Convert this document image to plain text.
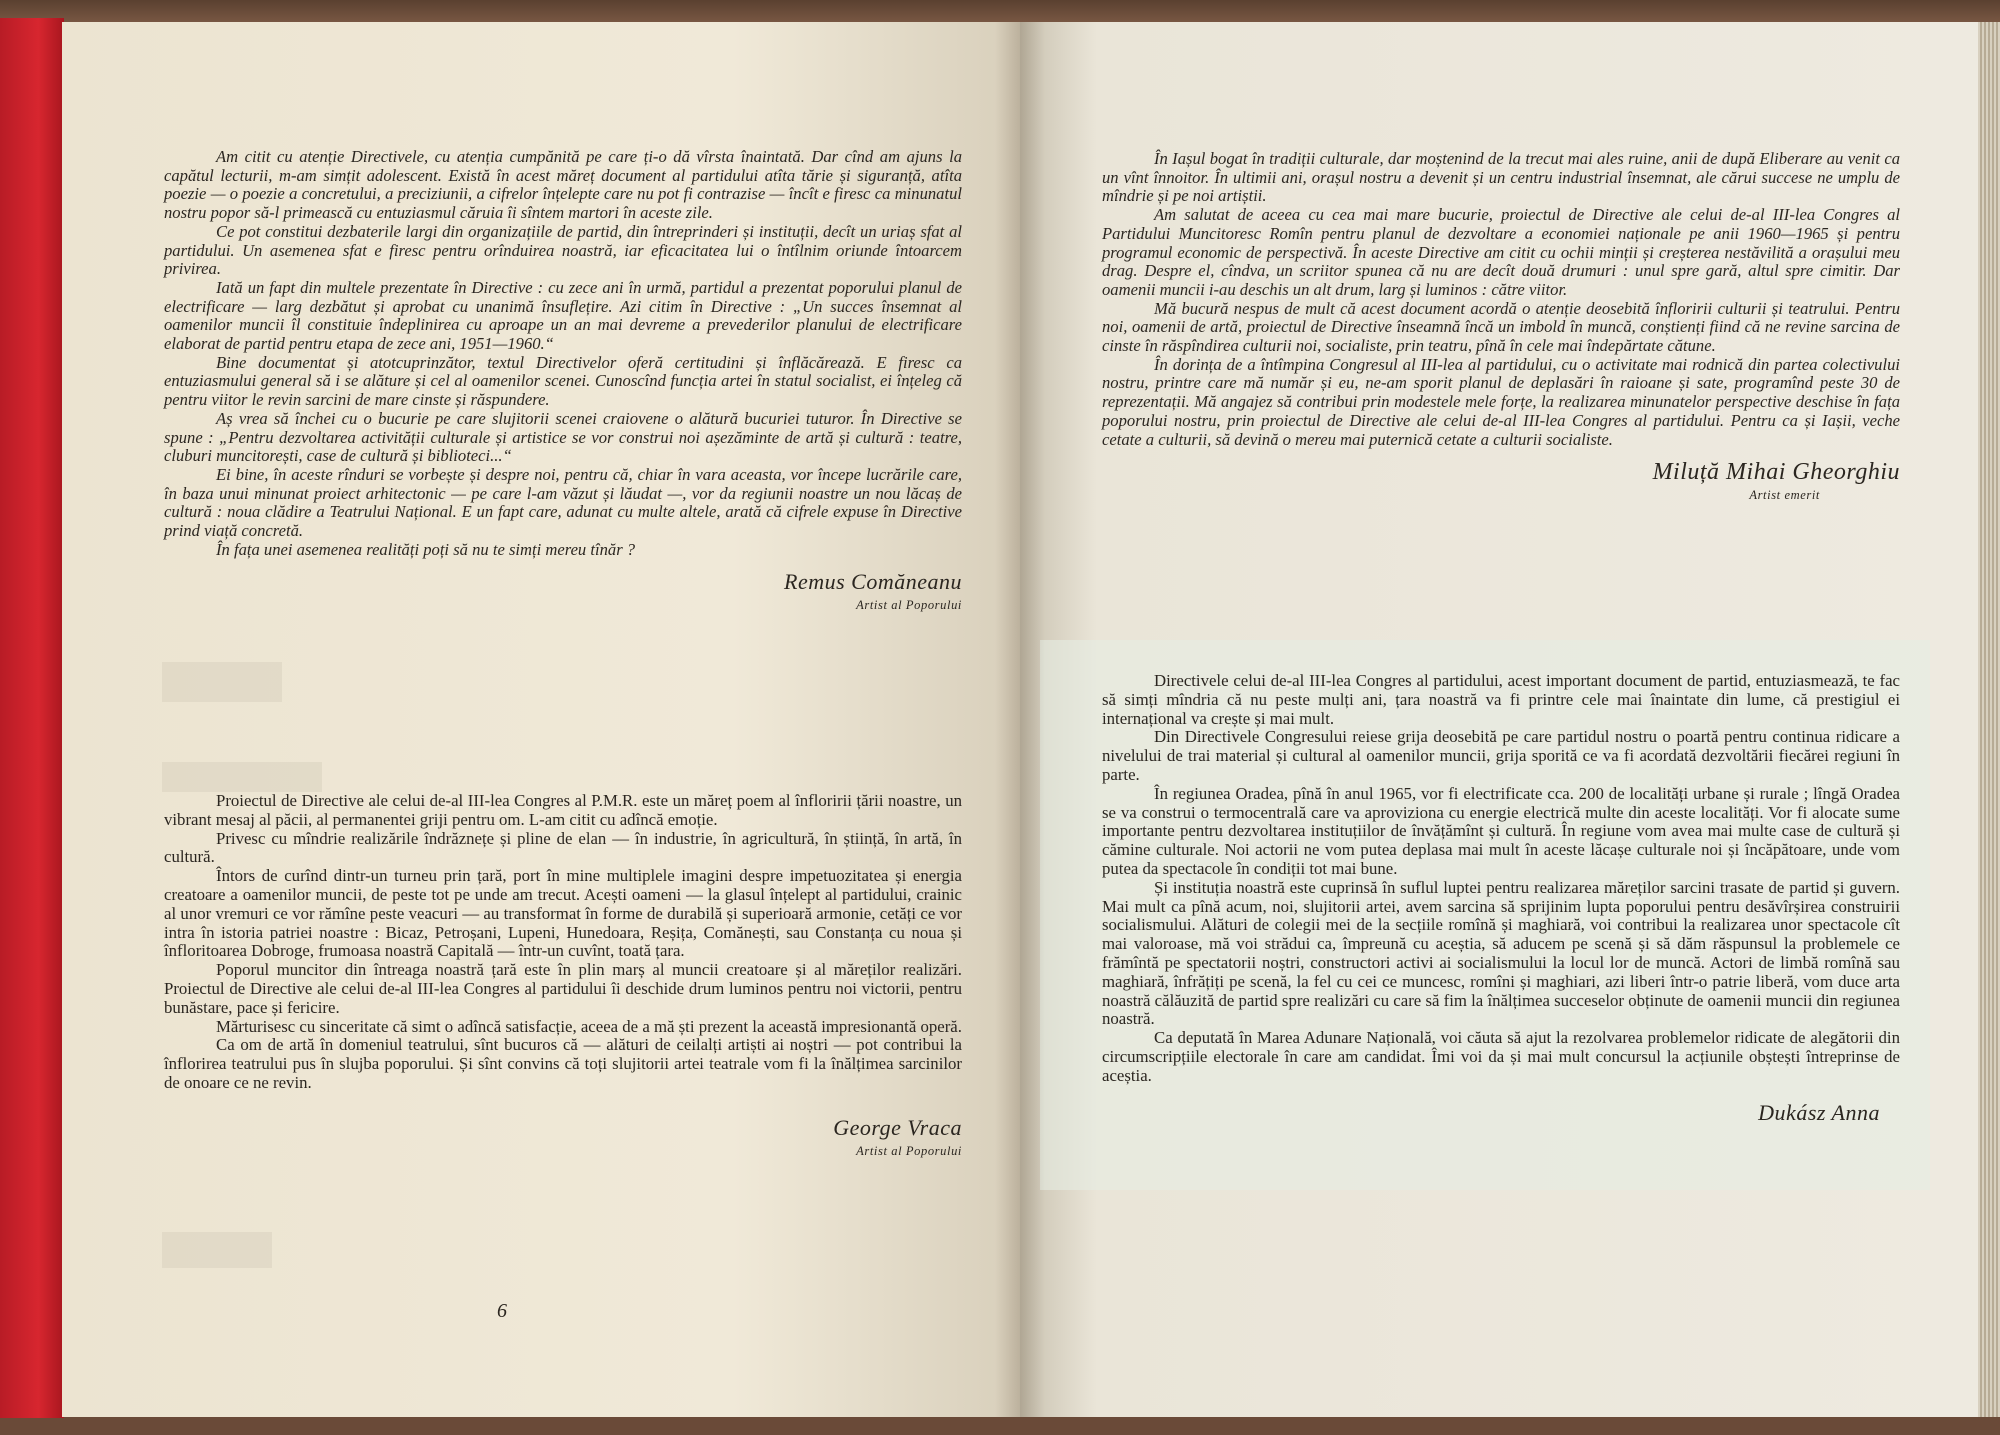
Am citit cu atenție Directivele, cu atenția cumpănită pe care ți-o dă vîrsta înaintată. Dar cînd am ajuns la capătul lecturii, m-am simțit adolescent. Există în acest măreț document al partidului atîta tărie și siguranță, atîta poezie — o poezie a concretului, a preciziunii, a cifrelor înțelepte care nu pot fi contrazise — încît e firesc ca minunatul nostru popor să-l primească cu entuziasmul căruia îi sîntem martori în aceste zile.

Ce pot constitui dezbaterile largi din organizațiile de partid, din întreprinderi și instituții, decît un uriaș sfat al partidului. Un asemenea sfat e firesc pentru orînduirea noastră, iar eficacitatea lui o întîlnim oriunde întoarcem privirea.

Iată un fapt din multele prezentate în Directive : cu zece ani în urmă, partidul a prezentat poporului planul de electrificare — larg dezbătut și aprobat cu unanimă însuflețire. Azi citim în Directive : „Un succes însemnat al oamenilor muncii îl constituie îndeplinirea cu aproape un an mai devreme a prevederilor planului de electrificare elaborat de partid pentru etapa de zece ani, 1951—1960.“

Bine documentat și atotcuprinzător, textul Directivelor oferă certitudini și înflăcărează. E firesc ca entuziasmului general să i se alăture și cel al oamenilor scenei. Cunoscînd funcția artei în statul socialist, ei înțeleg că pentru viitor le revin sarcini de mare cinste și răspundere.

Aș vrea să închei cu o bucurie pe care slujitorii scenei craiovene o alătură bucuriei tuturor. În Directive se spune : „Pentru dezvoltarea activității culturale și artistice se vor construi noi așezăminte de artă și cultură : teatre, cluburi muncitorești, case de cultură și biblioteci...“

Ei bine, în aceste rînduri se vorbește și despre noi, pentru că, chiar în vara aceasta, vor începe lucrările care, în baza unui minunat proiect arhitectonic — pe care l-am văzut și lăudat —, vor da regiunii noastre un nou lăcaș de cultură : noua clădire a Teatrului Național. E un fapt care, adunat cu multe altele, arată că cifrele expuse în Directive prind viață concretă.

În fața unei asemenea realități poți să nu te simți mereu tînăr ?

Remus Comăneanu
Artist al Poporului

Proiectul de Directive ale celui de-al III-lea Congres al P.M.R. este un măreț poem al înfloririi țării noastre, un vibrant mesaj al păcii, al permanentei griji pentru om. L-am citit cu adîncă emoție.

Privesc cu mîndrie realizările îndrăznețe și pline de elan — în industrie, în agricultură, în știință, în artă, în cultură.

Întors de curînd dintr-un turneu prin țară, port în mine multiplele imagini despre impetuozitatea și energia creatoare a oamenilor muncii, de peste tot pe unde am trecut. Acești oameni — la glasul înțelept al partidului, crainic al unor vremuri ce vor rămîne peste veacuri — au transformat în forme de durabilă și superioară armonie, cetăți ce vor intra în istoria patriei noastre : Bicaz, Petroșani, Lupeni, Hunedoara, Reșița, Comănești, sau Constanța cu noua și înfloritoarea Dobroge, frumoasa noastră Capitală — într-un cuvînt, toată țara.

Poporul muncitor din întreaga noastră țară este în plin marș al muncii creatoare și al măreților realizări. Proiectul de Directive ale celui de-al III-lea Congres al partidului îi deschide drum luminos pentru noi victorii, pentru bunăstare, pace și fericire.

Mărturisesc cu sinceritate că simt o adîncă satisfacție, aceea de a mă ști prezent la această impresionantă operă.

Ca om de artă în domeniul teatrului, sînt bucuros că — alături de ceilalți artiști ai noștri — pot contribui la înflorirea teatrului pus în slujba poporului. Și sînt convins că toți slujitorii artei teatrale vom fi la înălțimea sarcinilor de onoare ce ne revin.

George Vraca
Artist al Poporului
6

În Iașul bogat în tradiții culturale, dar moștenind de la trecut mai ales ruine, anii de după Eliberare au venit ca un vînt înnoitor. În ultimii ani, orașul nostru a devenit și un centru industrial însemnat, ale cărui succese ne umplu de mîndrie și pe noi artiștii.

Am salutat de aceea cu cea mai mare bucurie, proiectul de Directive ale celui de-al III-lea Congres al Partidului Muncitoresc Romîn pentru planul de dezvoltare a economiei naționale pe anii 1960—1965 și pentru programul economic de perspectivă. În aceste Directive am citit cu ochii minții și creșterea nestăvilită a orașului meu drag. Despre el, cîndva, un scriitor spunea că nu are decît două drumuri : unul spre gară, altul spre cimitir. Dar oamenii muncii i-au deschis un alt drum, larg și luminos : către viitor.

Mă bucură nespus de mult că acest document acordă o atenție deosebită înfloririi culturii și teatrului. Pentru noi, oamenii de artă, proiectul de Directive înseamnă încă un imbold în muncă, conștienți fiind că ne revine sarcina de cinste în răspîndirea culturii noi, socialiste, prin teatru, pînă în cele mai îndepărtate cătune.

În dorința de a întîmpina Congresul al III-lea al partidului, cu o activitate mai rodnică din partea colectivului nostru, printre care mă număr și eu, ne-am sporit planul de deplasări în raioane și sate, programînd peste 30 de reprezentații. Mă angajez să contribui prin modestele mele forțe, la realizarea minunatelor perspective deschise în fața poporului nostru, prin proiectul de Directive ale celui de-al III-lea Congres al partidului. Pentru ca și Iașii, veche cetate a culturii, să devină o mereu mai puternică cetate a culturii socialiste.

Miluță Mihai Gheorghiu
Artist emerit

Directivele celui de-al III-lea Congres al partidului, acest important document de partid, entuziasmează, te fac să simți mîndria că nu peste mulți ani, țara noastră va fi printre cele mai înaintate din lume, că prestigiul ei internațional va crește și mai mult.

Din Directivele Congresului reiese grija deosebită pe care partidul nostru o poartă pentru continua ridicare a nivelului de trai material și cultural al oamenilor muncii, grija sporită ce va fi acordată dezvoltării fiecărei regiuni în parte.

În regiunea Oradea, pînă în anul 1965, vor fi electrificate cca. 200 de localități urbane și rurale ; lîngă Oradea se va construi o termocentrală care va aproviziona cu energie electrică multe din aceste localități. Vor fi alocate sume importante pentru dezvoltarea instituțiilor de învățămînt și cultură. În regiune vom avea mai multe case de cultură și cămine culturale. Noi actorii ne vom putea deplasa mai mult în aceste lăcașe culturale noi și încăpătoare, unde vom putea da spectacole în condiții tot mai bune.

Și instituția noastră este cuprinsă în suflul luptei pentru realizarea măreților sarcini trasate de partid și guvern. Mai mult ca pînă acum, noi, slujitorii artei, avem sarcina să sprijinim lupta poporului pentru desăvîrșirea construirii socialismului. Alături de colegii mei de la secțiile romînă și maghiară, voi contribui la realizarea unor spectacole cît mai valoroase, mă voi strădui ca, împreună cu aceștia, să aducem pe scenă și să dăm răspunsul la problemele ce frămîntă pe spectatorii noștri, constructori activi ai socialismului la locul lor de muncă. Actori de limbă romînă sau maghiară, înfrățiți pe scenă, la fel cu cei ce muncesc, romîni și maghiari, azi liberi într-o patrie liberă, vom duce arta noastră călăuzită de partid spre realizări cu care să fim la înălțimea succeselor obținute de oamenii muncii din regiunea noastră.

Ca deputată în Marea Adunare Națională, voi căuta să ajut la rezolvarea problemelor ridicate de alegătorii din circumscripțiile electorale în care am candidat. Îmi voi da și mai mult concursul la acțiunile obștești întreprinse de aceștia.

Dukász Anna
